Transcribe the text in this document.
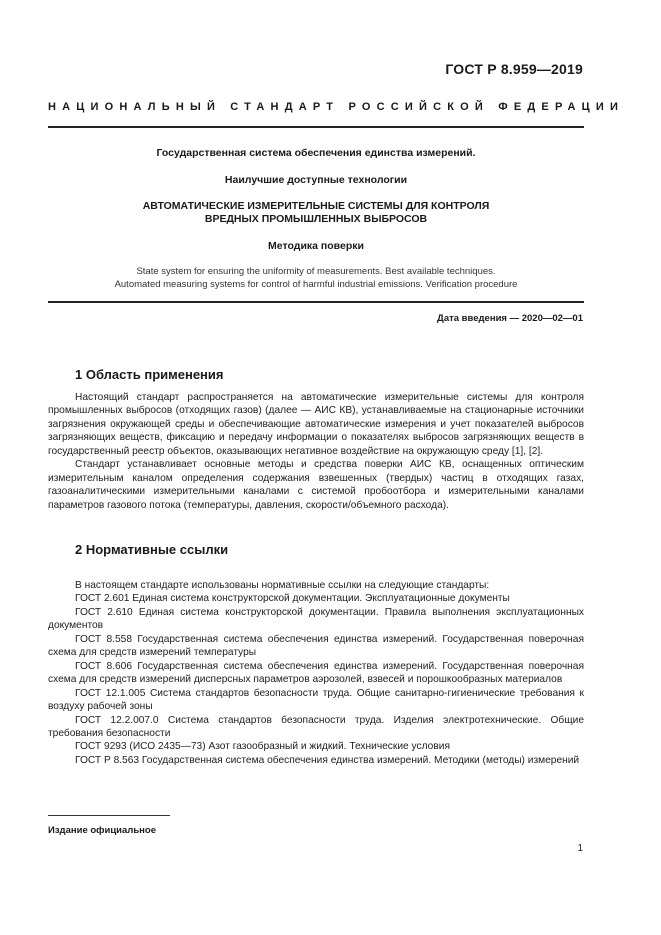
ГОСТ Р 8.959—2019
НАЦИОНАЛЬНЫЙ СТАНДАРТ РОССИЙСКОЙ ФЕДЕРАЦИИ
Государственная система обеспечения единства измерений.
Наилучшие доступные технологии
АВТОМАТИЧЕСКИЕ ИЗМЕРИТЕЛЬНЫЕ СИСТЕМЫ ДЛЯ КОНТРОЛЯ
ВРЕДНЫХ ПРОМЫШЛЕННЫХ ВЫБРОСОВ
Методика поверки
State system for ensuring the uniformity of measurements. Best available techniques.
Automated measuring systems for control of harmful industrial emissions. Verification procedure
Дата введения — 2020—02—01
1 Область применения

Настоящий стандарт распространяется на автоматические измерительные системы для контроля промышленных выбросов (отходящих газов) (далее — АИС КВ), устанавливаемые на стационарные источники загрязнения окружающей среды и обеспечивающие автоматические измерения и учет показателей выбросов загрязняющих веществ, фиксацию и передачу информации о показателях выбросов загрязняющих веществ в государственный реестр объектов, оказывающих негативное воздействие на окружающую среду [1], [2].

Стандарт устанавливает основные методы и средства поверки АИС КВ, оснащенных оптическим измерительным каналом определения содержания взвешенных (твердых) частиц в отходящих газах, газоаналитическими измерительными каналами с системой пробоотбора и измерительными каналами параметров газового потока (температуры, давления, скорости/объемного расхода).

2 Нормативные ссылки

В настоящем стандарте использованы нормативные ссылки на следующие стандарты:

ГОСТ 2.601 Единая система конструкторской документации. Эксплуатационные документы

ГОСТ 2.610 Единая система конструкторской документации. Правила выполнения эксплуатационных документов

ГОСТ 8.558 Государственная система обеспечения единства измерений. Государственная поверочная схема для средств измерений температуры

ГОСТ 8.606 Государственная система обеспечения единства измерений. Государственная поверочная схема для средств измерений дисперсных параметров аэрозолей, взвесей и порошкообразных материалов

ГОСТ 12.1.005 Система стандартов безопасности труда. Общие санитарно-гигиенические требования к воздуху рабочей зоны

ГОСТ 12.2.007.0 Система стандартов безопасности труда. Изделия электротехнические. Общие требования безопасности

ГОСТ 9293 (ИСО 2435—73) Азот газообразный и жидкий. Технические условия

ГОСТ Р 8.563 Государственная система обеспечения единства измерений. Методики (методы) измерений

Издание официальное
1
